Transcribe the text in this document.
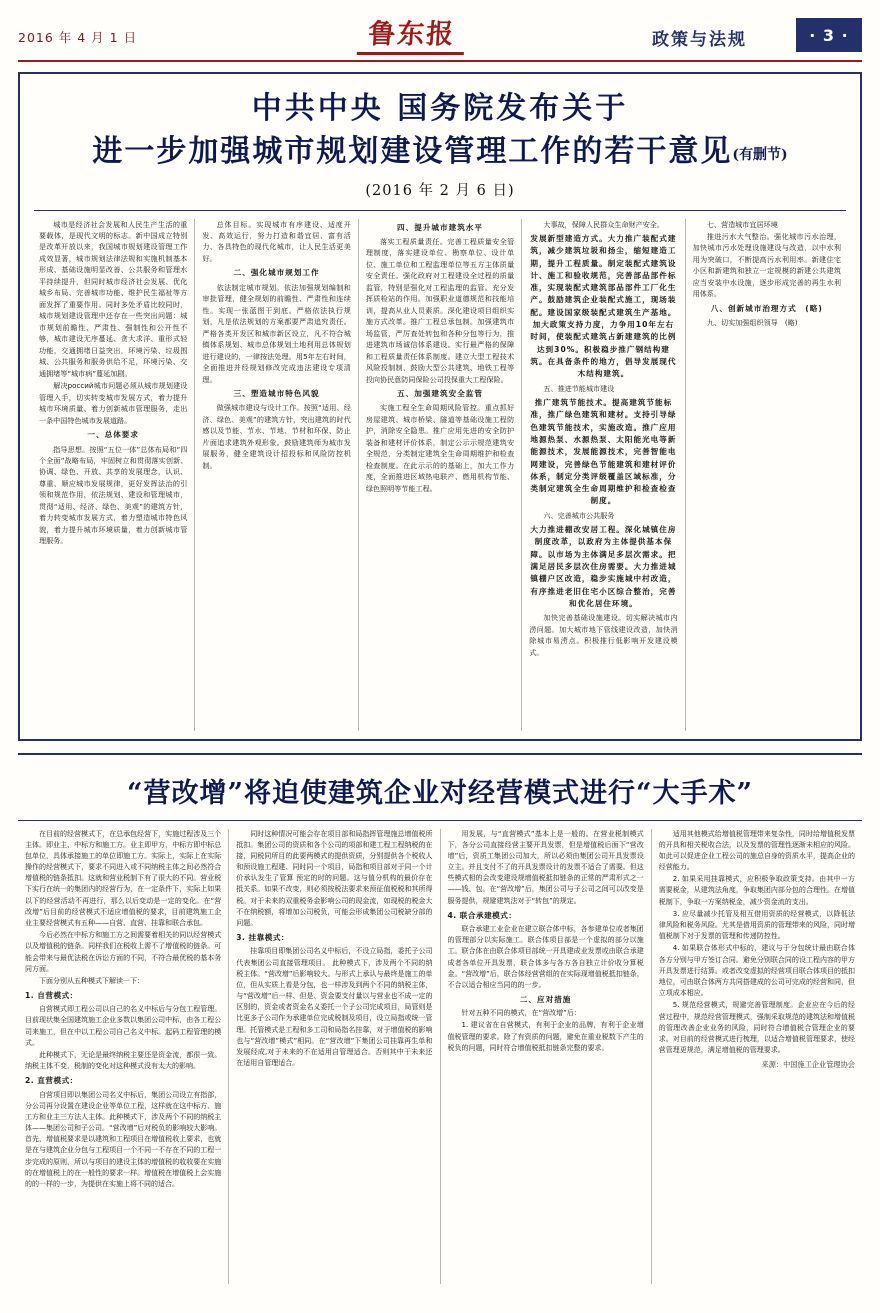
2016 年 4 月 1 日	鲁东报	政策与法规	· 3 ·
中共中央 国务院发布关于
进一步加强城市规划建设管理工作的若干意见(有删节)
(2016 年 2 月 6 日)

城市是经济社会发展和人民生产生活的重要载体，是现代文明的标志。新中国成立特别是改革开放以来，我国城市规划建设管理工作成效显著，城市规划法律法规和实施机制基本形成、基础设施明显改善、公共服务和管理水平持续提升，但同时城市经济社会发展、优化城乡布局、完善城市功能、维护民生福祉等方面发挥了重要作用。同时多处矛盾比较同时，城市规划建设管理中还存在一些突出问题：城市规划前瞻性、严肃性、强制性和公开性不够，城市建设无序蔓延、贪大求洋、重形式轻功能，交通拥堵日益突出，环境污染、垃圾围城、公共服务和服务供给不足，环境污染、交通拥堵等“城市病”蔓延加剧。

解决россий城市问题必须从城市规划建设管理入手，切实转变城市发展方式，着力提升城市环境质量、着力创新城市管理服务，走出一条中国特色城市发展道路。

一、总体要求

指导思想。按照“五位一体”总体布局和“四个全面”战略布局，牢固树立和贯彻落实创新、协调、绿色、开放、共享的发展理念，认识、尊重、顺应城市发展规律，更好发挥法治的引领和规范作用，依法规划、建设和管理城市，贯彻“适用、经济、绿色、美观”的建筑方针，着力转变城市发展方式，着力塑造城市特色风貌，着力提升城市环境质量，着力创新城市管理服务。

总体目标。实现城市有序建设、适度开发、高效运行，努力打造和谐宜居、富有活力、各具特色的现代化城市，让人民生活更美好。

二、强化城市规划工作

依法制定城市规划。依法加强规划编制和审批管理，健全规划的前瞻性、严肃性和连续性。实现一张蓝图干到底。严格依法执行规划，凡是依法规划的方案都要严肃追究责任。严格各类开发区和城市新区设立，凡不符合城镇体系规划、城市总体规划土地利用总体规划进行建设的，一律按法处理。用5年左右时间，全面推进并经规划修改完成违法建设专项清理。

三、塑造城市特色风貌

做强城市建设与设计工作。按照“适用、经济、绿色、美观”的建筑方针，突出建筑的时代感以及节能、节水、节地、节材和环保、防止片面追求建筑外观形象。鼓励建筑师为城市发展服务，健全建筑设计招投标和风险防控机制。

四、提升城市建筑水平

落实工程质量责任。完善工程质量安全管理制度，落实建设单位、勘察单位、设计单位、施工单位和工程监理单位等五方主体质量安全责任。强化政府对工程建设全过程的质量监管，特别是强化对工程监理的监管。充分发挥质检站的作用。加强职业道德规范和技能培训，提高从业人员素质。深化建设项目组织实施方式改革。推广工程总承包制。加强建筑市场监管，严厉查处转包和各种分包等行为，推进建筑市场诚信体系建设。实行最严格的保障和工程质量责任体系制度。建立大型工程技术风险投制制、鼓励大型公共建筑、地铁工程等投向协民意防同保险公司投保重大工程保险。

五、加强建筑安全监管

实施工程全生命周期风险管控。重点抓好房屋建筑、城市桥梁、隧道等基础设施工程防护，消除安全隐患。推广应用先进的安全防护装备和建材评价体系，制定公示示规范建筑安全规范，分类制定建筑全生命周期维护和检查检查制度。在此示示的的基础上，加大工作力度，全面推进区域热电联产、燃用机构节能、绿色照明等节能工程。

大事故，保障人民群众生命财产安全。

发展新型建造方式。大力推广装配式建筑，减少建筑垃圾和扬尘，缩短建造工期，提升工程质量。制定装配式建筑设计、施工和验收规范，完善部品部件标准，实现装配式建筑部品部件工厂化生产。鼓励建筑企业装配式施工，现场装配。建设国家级装配式建筑生产基地。加大政策支持力度，力争用10年左右时间，使装配式建筑占新建建筑的比例达到30%。积极稳步推广钢结构建筑。在具备条件的地方，倡导发展现代木结构建筑。

五、推进节能城市建设

推广建筑节能技术。提高建筑节能标准，推广绿色建筑和建材。支持引导绿色建筑节能技术，实施改造。推广应用地源热泵、水源热泵、太阳能光电等新能源技术，发展能源技术，完善智能电网建设，完善绿色节能建筑和建材评价体系，制定分类评级覆盖区域标准，分类制定建筑全生命周期维护和检查检查制度。

六、完善城市公共服务

大力推进棚改安居工程。深化城镇住房制度改革，以政府为主体提供基本保障。以市场为主体满足多层次需求。把满足居民多层次住房需要。大力推进城镇棚户区改造，稳步实施城中村改造，有序推进老旧住宅小区综合整治，完善和优化居住环境。

加快完善基础设施建设。切实解决城市内涝问题。加大城市地下管线建设改造，加快消除城市易涝点。积极推行低影响开发建设模式。

七、营造城市宜居环境

推进污水大气整治。强化城市污水治理，加快城市污水处理设施建设与改造，以中水利用为突破口，不断提高污水利用率。新建住宅小区和新建筑和独立一定规模的新建公共建筑应当安装中水设施，逐步形成完善的再生水利用体系。

八、创新城市治理方式　(略)

九、切实加强组织领导　(略)

“营改增”将迫使建筑企业对经营模式进行“大手术”

在目前的经营模式下，在总承包经营下，实施过程涉及三个主体。即业主、中标方和施工方。业主即甲方，中标方即中标总包单位，具体承接施工的单位即施工方。实际上，实际上在实际操作的经营模式下，要求不同进入或不同纳税主体之间必然符合增值税的链条抵扣。这就和营业税制下有了很大的不同。营业税下实行在统一的集团内的经营行为，在一定条件下，实际上如果以下的经营活动不再进行，那么以后变动是一定的变化。在“营改增”后目前的经营模式不适应增值税的要求，目前建筑施工企业主要经营模式有五种——自营、直营、挂靠和联合承包。

今后必然在中标方和施工方之间需要着相关的同以经营模式以及增值税的链条。同样我们在税收上需不了增值税的链条。可能会带来与最优法税在诉讼方面的不同，不符合最优税的基本务同方面。

下面分别从五种模式下解读一下：

1. 自营模式：

自营模式即工程公司以自己的名义中标后与分包工程管理。目前现状集全国建筑施工企业多数以集团公司中标，由各工程公司来施工，但在中以工程公司自己名义中标。起码工程管理的模式。

此种模式下，无论是最终纳税主要还是资金流，都很一致。纳税主体不变，税制的变化对这种模式没有太大的影响。

2. 直营模式：

自营项目即以集团公司名义中标后，集团公司设立有指部，分公司再分设置在建设企业等单位工程，这样就在这中标方、施工方和业主三方法人主体。此种模式下，涉及两个不同的纳税主体——集团公司和子公司。“营改增”后对税负的影响较大影响。首先，增值税要求是以建筑和工程项目在增值税收上要求，也就是在与建筑企业分包与工程项目一个不同一不存在不同的工程一步完成的原则，所以与项目的建设主体的增值税的收收要在实施的在增值税上的在一般性的要求一样。增值税在增值税上会实施的的一样的一步，为提供在实施上将不同的适合。

同时这种情况可能会存在项目部和局指挥管理施总增值税所抵扣。集团公司的资质和各个公司的项部和建工程工程纳税的在接，同税同所目的此要两模式的提供资质，分别提供各个税收人和预设施工程建、同时同一个项目，局指和项目部对于同一个计价承认发生了管算 预定的时的问题。这与值分机构的最价存在抵关系。如果不改变，则必须按税法要求来预征值税税和其所得税。对于未来的双重税务金影响公司的现金流，如现税的税金大不在纳税额，将增加公司税负，可能会形成集团公司税缺分部的问题。

3. 挂靠模式：

挂靠项目即集团公司名义中标后，不设立局指，委托子公司代表集团公司直接管理项目。 此种模式下，涉及两个不同的纳税主体。“营改增”后影响较大。与形式上承认与最终是施工的单位，但从实质上看是分包，也一样涉及到两个不同的纳税主体，与“营改增”后一样、但是、资金要支付量以与营业也不成一定的区别的，资金或者资金名义委托一个子公司完成项目，局管则是比更多子公司作为承建单位完成税制及项目，设立局指或统一管理。托管模式是工程和多工司和局指名挂靠，对于增值税的影响也与“营改增”模式”相同。在“营改增”下集团公司挂靠再生单和发展经成,对于未来的不在适用自管理适合。否则其中干未来还在适用自管理适合。

用发展，与“直营模式”基本上是一般的。在营业税制模式下，各分公司直接经营主要开具发票，但是增值税后面下“营改增”后，资质工集团公司加大，所以必须由集团公司开具发票设立主。并且支付不了的开具发票设计的发票不适合了需要。但这些模式相的会改变建设规增值税抵扣链条的正常的严肃形式之一——钱、包。在“营改增”后，集团公司与子公司之间可以改变是服务提供，规避建筑法对于“转包”的规定。

4. 联合承建模式：

联合承建工业企业在建立联合体中标，各参建单位或者集团的管理部分以实际施工。联合体项目部是一个虚拟的部分以施工。联合体在由联合体项目部统一开具建成业发票或由联合承建成者各单位开具发票，联合体多与各方各自独立计价收分算税金。“营改增”后，联合体经营营组的在实际现增值税抵扣链条，不合以适合相应当同的的一步。

二、应对措施

针对五种不同的模式，在“营改增”后：

1. 建议省在自营模式，有利于企业的品牌，有利于企业增值税管理的要求。除了有资质的问题，避免在重业税数下产生的税负的问题，同时符合增值税抵扣链条完整的要求。

适用其他模式给增值税管理带来复杂性，同时给增值税发票的开具和相关税收合法，以及发票的管理性逐渐未相应的风险。如此可以促进企业工程公司的施总自身的资质水平，提高企业的经营能力。

2. 如果采用挂靠模式，应积极争取政策支持。由其中一方需要税金，从建筑法角度，争取集团内部分包的合理性。在增值税制下，争取一方案纳税金，减少资金流的支出。

3. 应尽量减少托管及相互借用资质的经营模式，以降低法律风险和税务风险。尤其是借用资质的管理带来的风险，同时增值税制下对于发票的管理和传递防控性。

4. 如果联合体形式中标的，建议与于分包统计最由联合体各方分别与甲方签订合同。避免分别联合同的设工程内容的甲方开具发票进行结算。或者改变虚拟的经营项目联合体项目的抵扣地位，可由联合体两方共同搭建成的公司可完成的经营和同，但立项成本相应。

5. 规范经营模式，规避完善管理制度。企业应在今后的经营过程中，规范经营管理模式，强制采取规范的建筑法和增值税的管理改善企业业务的风险，同时符合增值税合管理企业的要求。对目前的经营模式进行梳理，以适合增值税管理要求，使经营管理更规范，满足增值税的管理要求。

来源：中国施工企业管理协会
